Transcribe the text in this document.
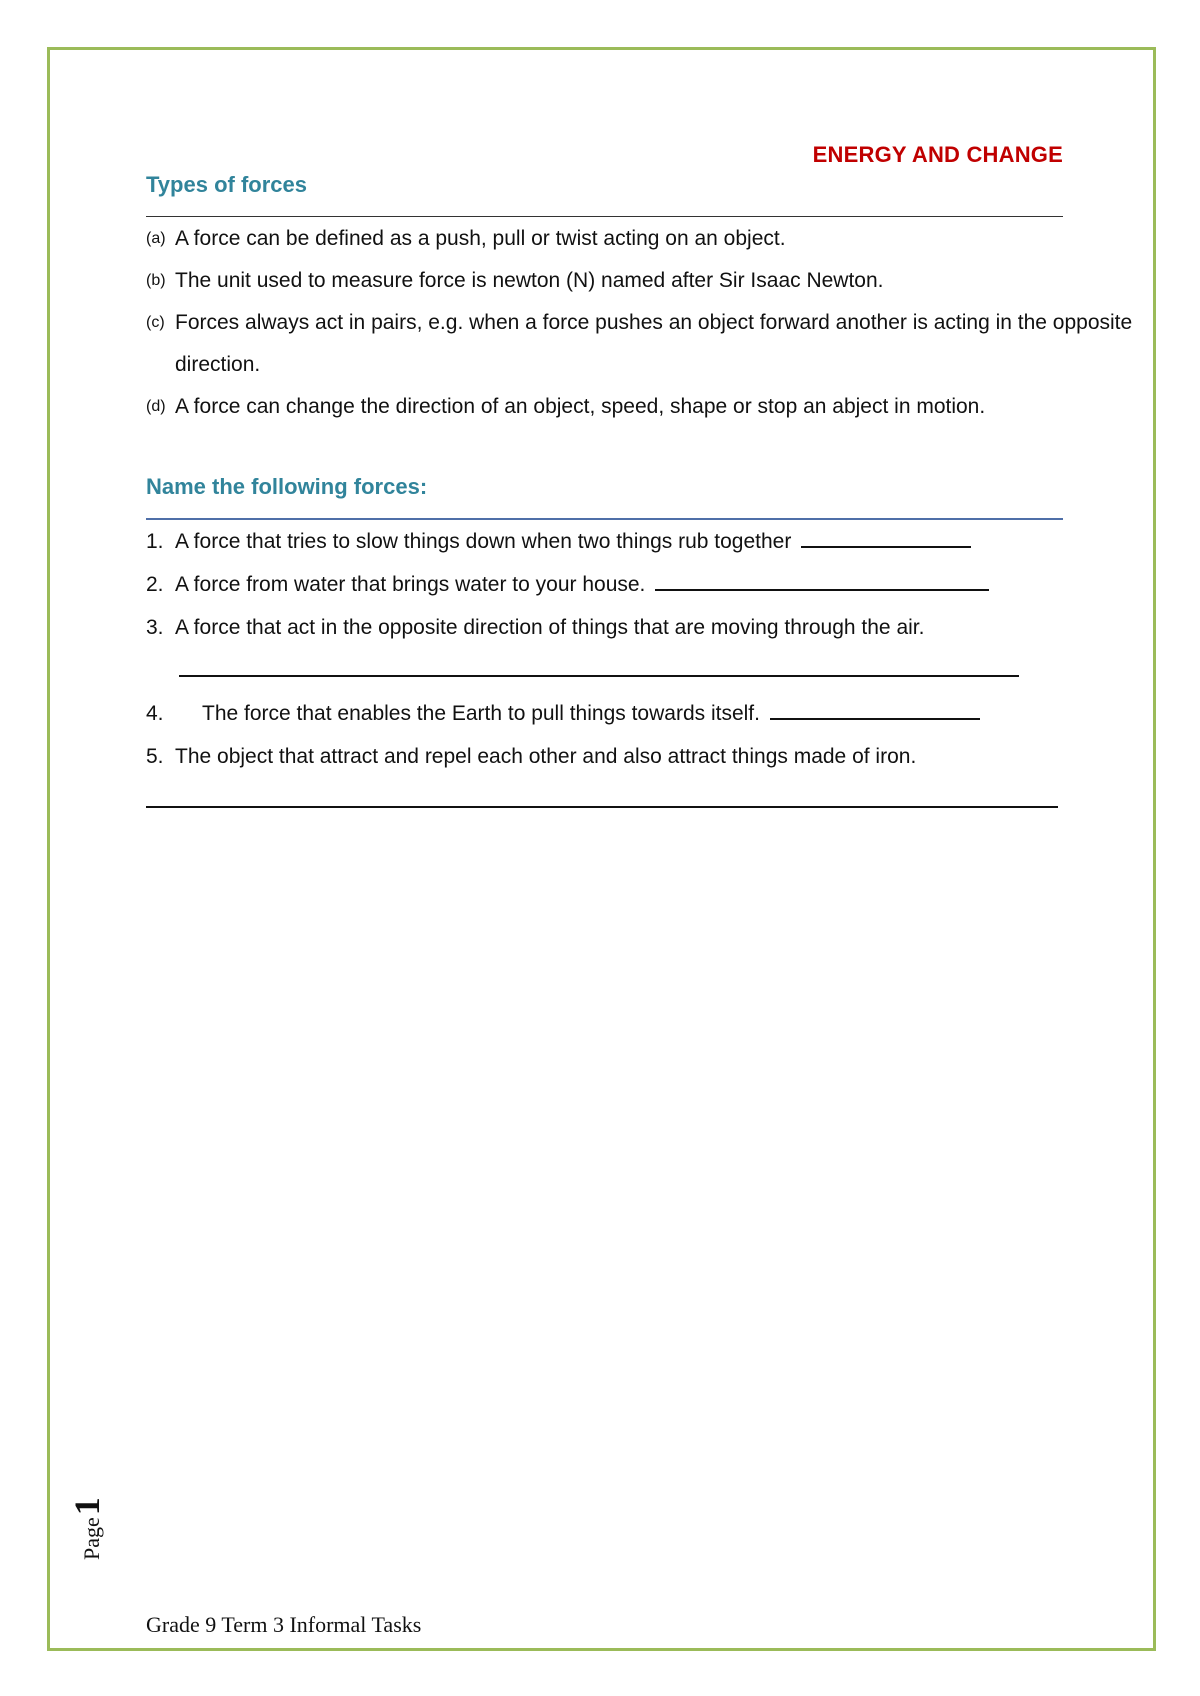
ENERGY AND CHANGE
Types of forces
(a) A force can be defined as a push, pull or twist acting on an object.
(b) The unit used to measure force is newton (N) named after Sir Isaac Newton.
(c) Forces always act in pairs, e.g. when a force pushes an object forward another is acting in the opposite direction.
(d) A force can change the direction of an object, speed, shape or stop an abject in motion.
Name the following forces:
1. A force that tries to slow things down when two things rub together
2. A force from water that brings water to your house.
3. A force that act in the opposite direction of things that are moving through the air.
4. The force that enables the Earth to pull things towards itself.
5. The object that attract and repel each other and also attract things made of iron.
Page1
Grade 9 Term 3 Informal Tasks
